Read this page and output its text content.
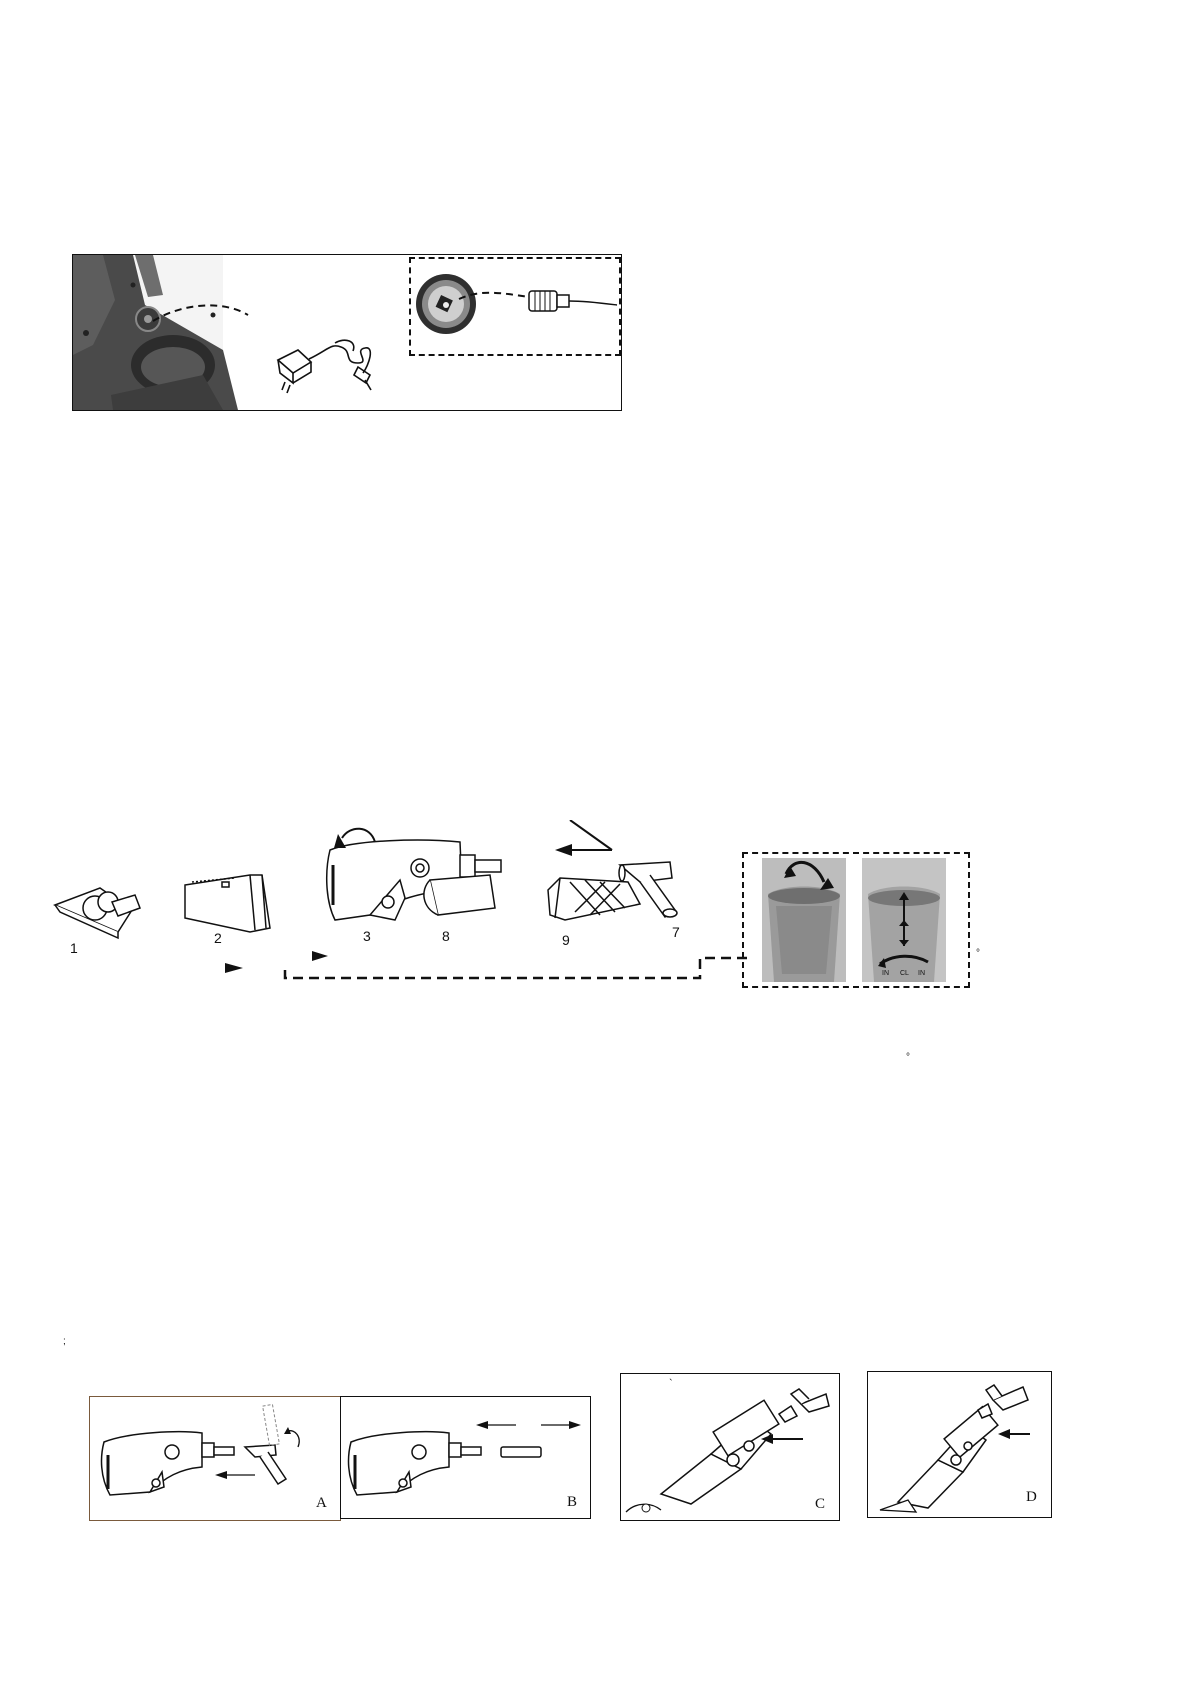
1
2	3	8	9	7
IN CL IN
°
°
;
A	B
`
C	D
